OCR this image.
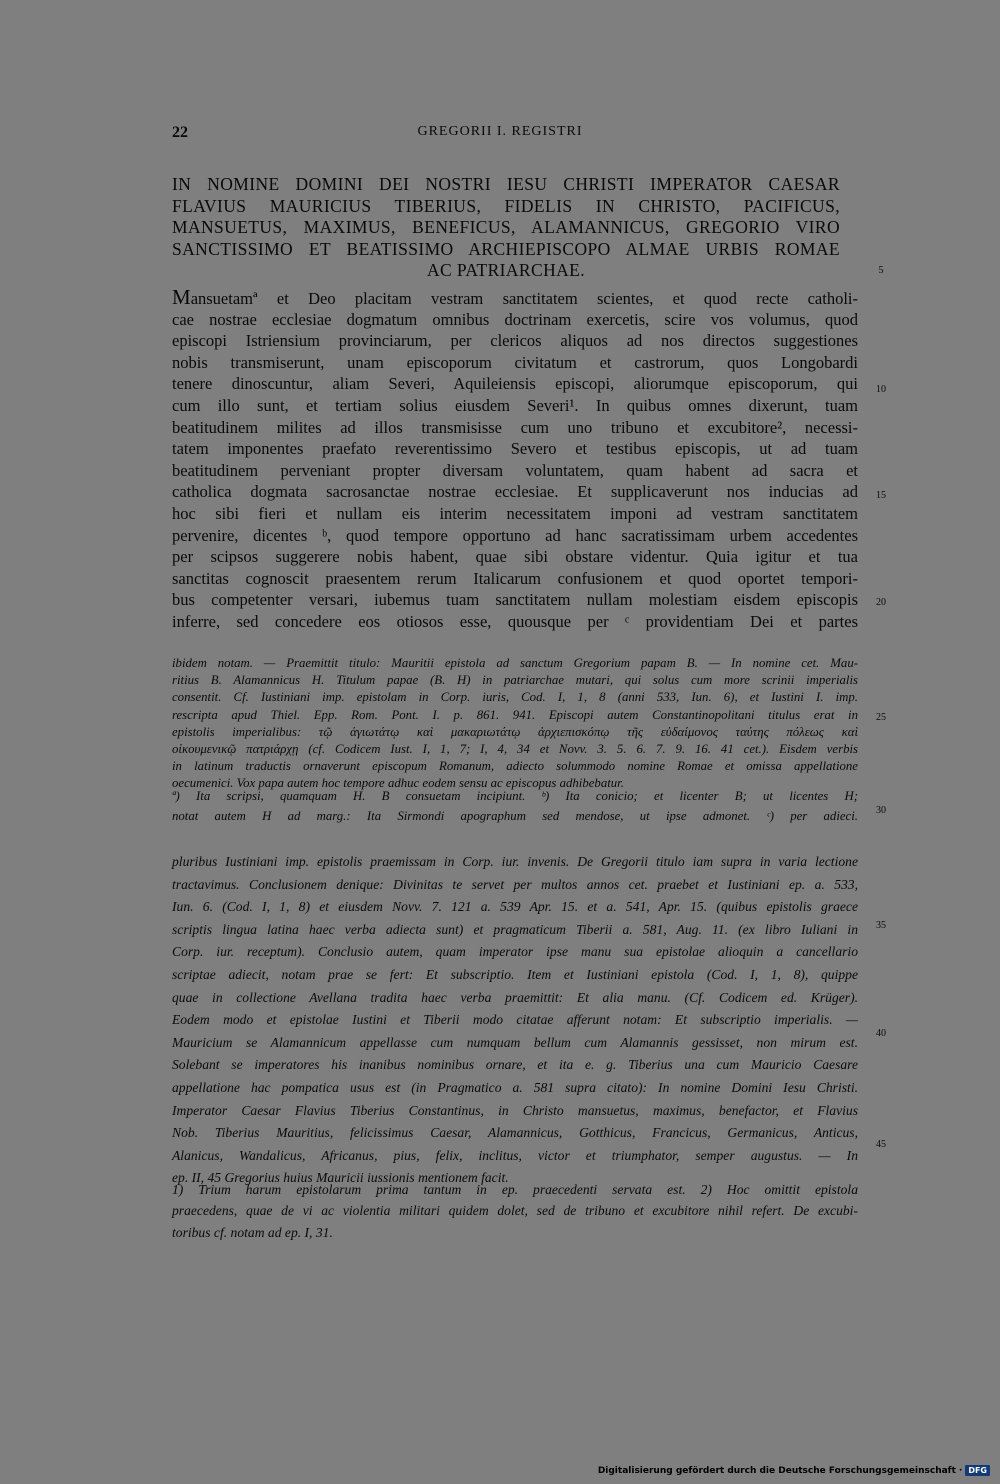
22	GREGORII I. REGISTRI
IN NOMINE DOMINI DEI NOSTRI IESU CHRISTI IMPERATOR CAESAR
FLAVIUS MAURICIUS TIBERIUS, FIDELIS IN CHRISTO, PACIFICUS,
MANSUETUS, MAXIMUS, BENEFICUS, ALAMANNICUS, GREGORIO VIRO
SANCTISSIMO ET BEATISSIMO ARCHIEPISCOPO ALMAE URBIS ROMAE
AC PATRIARCHAE.
Mansuetamª et Deo placitam vestram sanctitatem scientes, et quod recte catholi-
cae nostrae ecclesiae dogmatum omnibus doctrinam exercetis, scire vos volumus, quod
episcopi Istriensium provinciarum, per clericos aliquos ad nos directos suggestiones
nobis transmiserunt, unam episcoporum civitatum et castrorum, quos Longobardi
tenere dinoscuntur, aliam Severi, Aquileiensis episcopi, aliorumque episcoporum, qui
cum illo sunt, et tertiam solius eiusdem Severi¹. In quibus omnes dixerunt, tuam
beatitudinem milites ad illos transmisisse cum uno tribuno et excubitore², necessi-
tatem imponentes praefato reverentissimo Severo et testibus episcopis, ut ad tuam
beatitudinem perveniant propter diversam voluntatem, quam habent ad sacra et
catholica dogmata sacrosanctae nostrae ecclesiae. Et supplicaverunt nos inducias ad
hoc sibi fieri et nullam eis interim necessitatem imponi ad vestram sanctitatem
pervenire, dicentes ᵇ, quod tempore opportuno ad hanc sacratissimam urbem accedentes
per scipsos suggerere nobis habent, quae sibi obstare videntur. Quia igitur et tua
sanctitas cognoscit praesentem rerum Italicarum confusionem et quod oportet tempori-
bus competenter versari, iubemus tuam sanctitatem nullam molestiam eisdem episcopis
inferre, sed concedere eos otiosos esse, quousque per ᶜ providentiam Dei et partes
ibidem notam. — Praemittit titulo: Mauritii epistola ad sanctum Gregorium papam B. — In nomine cet. Mau-
ritius B. Alamannicus H. Titulum papae (B. H) in patriarchae mutari, qui solus cum more scrinii imperialis
consentit. Cf. Iustiniani imp. epistolam in Corp. iuris, Cod. I, 1, 8 (anni 533, Iun. 6), et Iustini I. imp.
rescripta apud Thiel. Epp. Rom. Pont. I. p. 861. 941. Episcopi autem Constantinopolitani titulus erat in
epistolis imperialibus: τῷ ἁγιωτάτῳ καὶ μακαριωτάτῳ ἀρχιεπισκόπῳ τῆς εὐδαίμονος ταύτης πόλεως καὶ
οἰκουμενικῷ πατριάρχῃ (cf. Codicem Iust. I, 1, 7; I, 4, 34 et Novv. 3. 5. 6. 7. 9. 16. 41 cet.). Eisdem verbis
in latinum traductis ornaverunt episcopum Romanum, adiecto solummodo nomine Romae et omissa appellatione
oecumenici. Vox papa autem hoc tempore adhuc eodem sensu ac episcopus adhibebatur.
ª) Ita scripsi, quamquam H. B consuetam incipiunt. ᵇ) Ita conicio; et licenter B; ut licentes H;
notat autem H ad marg.: Ita Sirmondi apographum sed mendose, ut ipse admonet. ᶜ) per adieci.
pluribus Iustiniani imp. epistolis praemissam in Corp. iur. invenis. De Gregorii titulo iam supra in varia lectione
tractavimus. Conclusionem denique: Divinitas te servet per multos annos cet. praebet et Iustiniani ep. a. 533,
Iun. 6. (Cod. I, 1, 8) et eiusdem Novv. 7. 121 a. 539 Apr. 15. et a. 541, Apr. 15. (quibus epistolis graece
scriptis lingua latina haec verba adiecta sunt) et pragmaticum Tiberii a. 581, Aug. 11. (ex libro Iuliani in
Corp. iur. receptum). Conclusio autem, quam imperator ipse manu sua epistolae alioquin a cancellario
scriptae adiecit, notam prae se fert: Et subscriptio. Item et Iustiniani epistola (Cod. I, 1, 8), quippe
quae in collectione Avellana tradita haec verba praemittit: Et alia manu. (Cf. Codicem ed. Krüger).
Eodem modo et epistolae Iustini et Tiberii modo citatae afferunt notam: Et subscriptio imperialis. —
Mauricium se Alamannicum appellasse cum numquam bellum cum Alamannis gessisset, non mirum est.
Solebant se imperatores his inanibus nominibus ornare, et ita e. g. Tiberius una cum Mauricio Caesare
appellatione hac pompatica usus est (in Pragmatico a. 581 supra citato): In nomine Domini Iesu Christi.
Imperator Caesar Flavius Tiberius Constantinus, in Christo mansuetus, maximus, benefactor, et Flavius
Nob. Tiberius Mauritius, felicissimus Caesar, Alamannicus, Gotthicus, Francicus, Germanicus, Anticus,
Alanicus, Wandalicus, Africanus, pius, felix, inclitus, victor et triumphator, semper augustus. — In
ep. II, 45 Gregorius huius Mauricii iussionis mentionem facit.
1) Trium harum epistolarum prima tantum in ep. praecedenti servata est. 2) Hoc omittit epistola
praecedens, quae de vi ac violentia militari quidem dolet, sed de tribuno et excubitore nihil refert. De excubi-
toribus cf. notam ad ep. I, 31.
5
10
15
20
25
30
35
40
45
Digitalisierung gefördert durch die Deutsche Forschungsgemeinschaft · DFG
